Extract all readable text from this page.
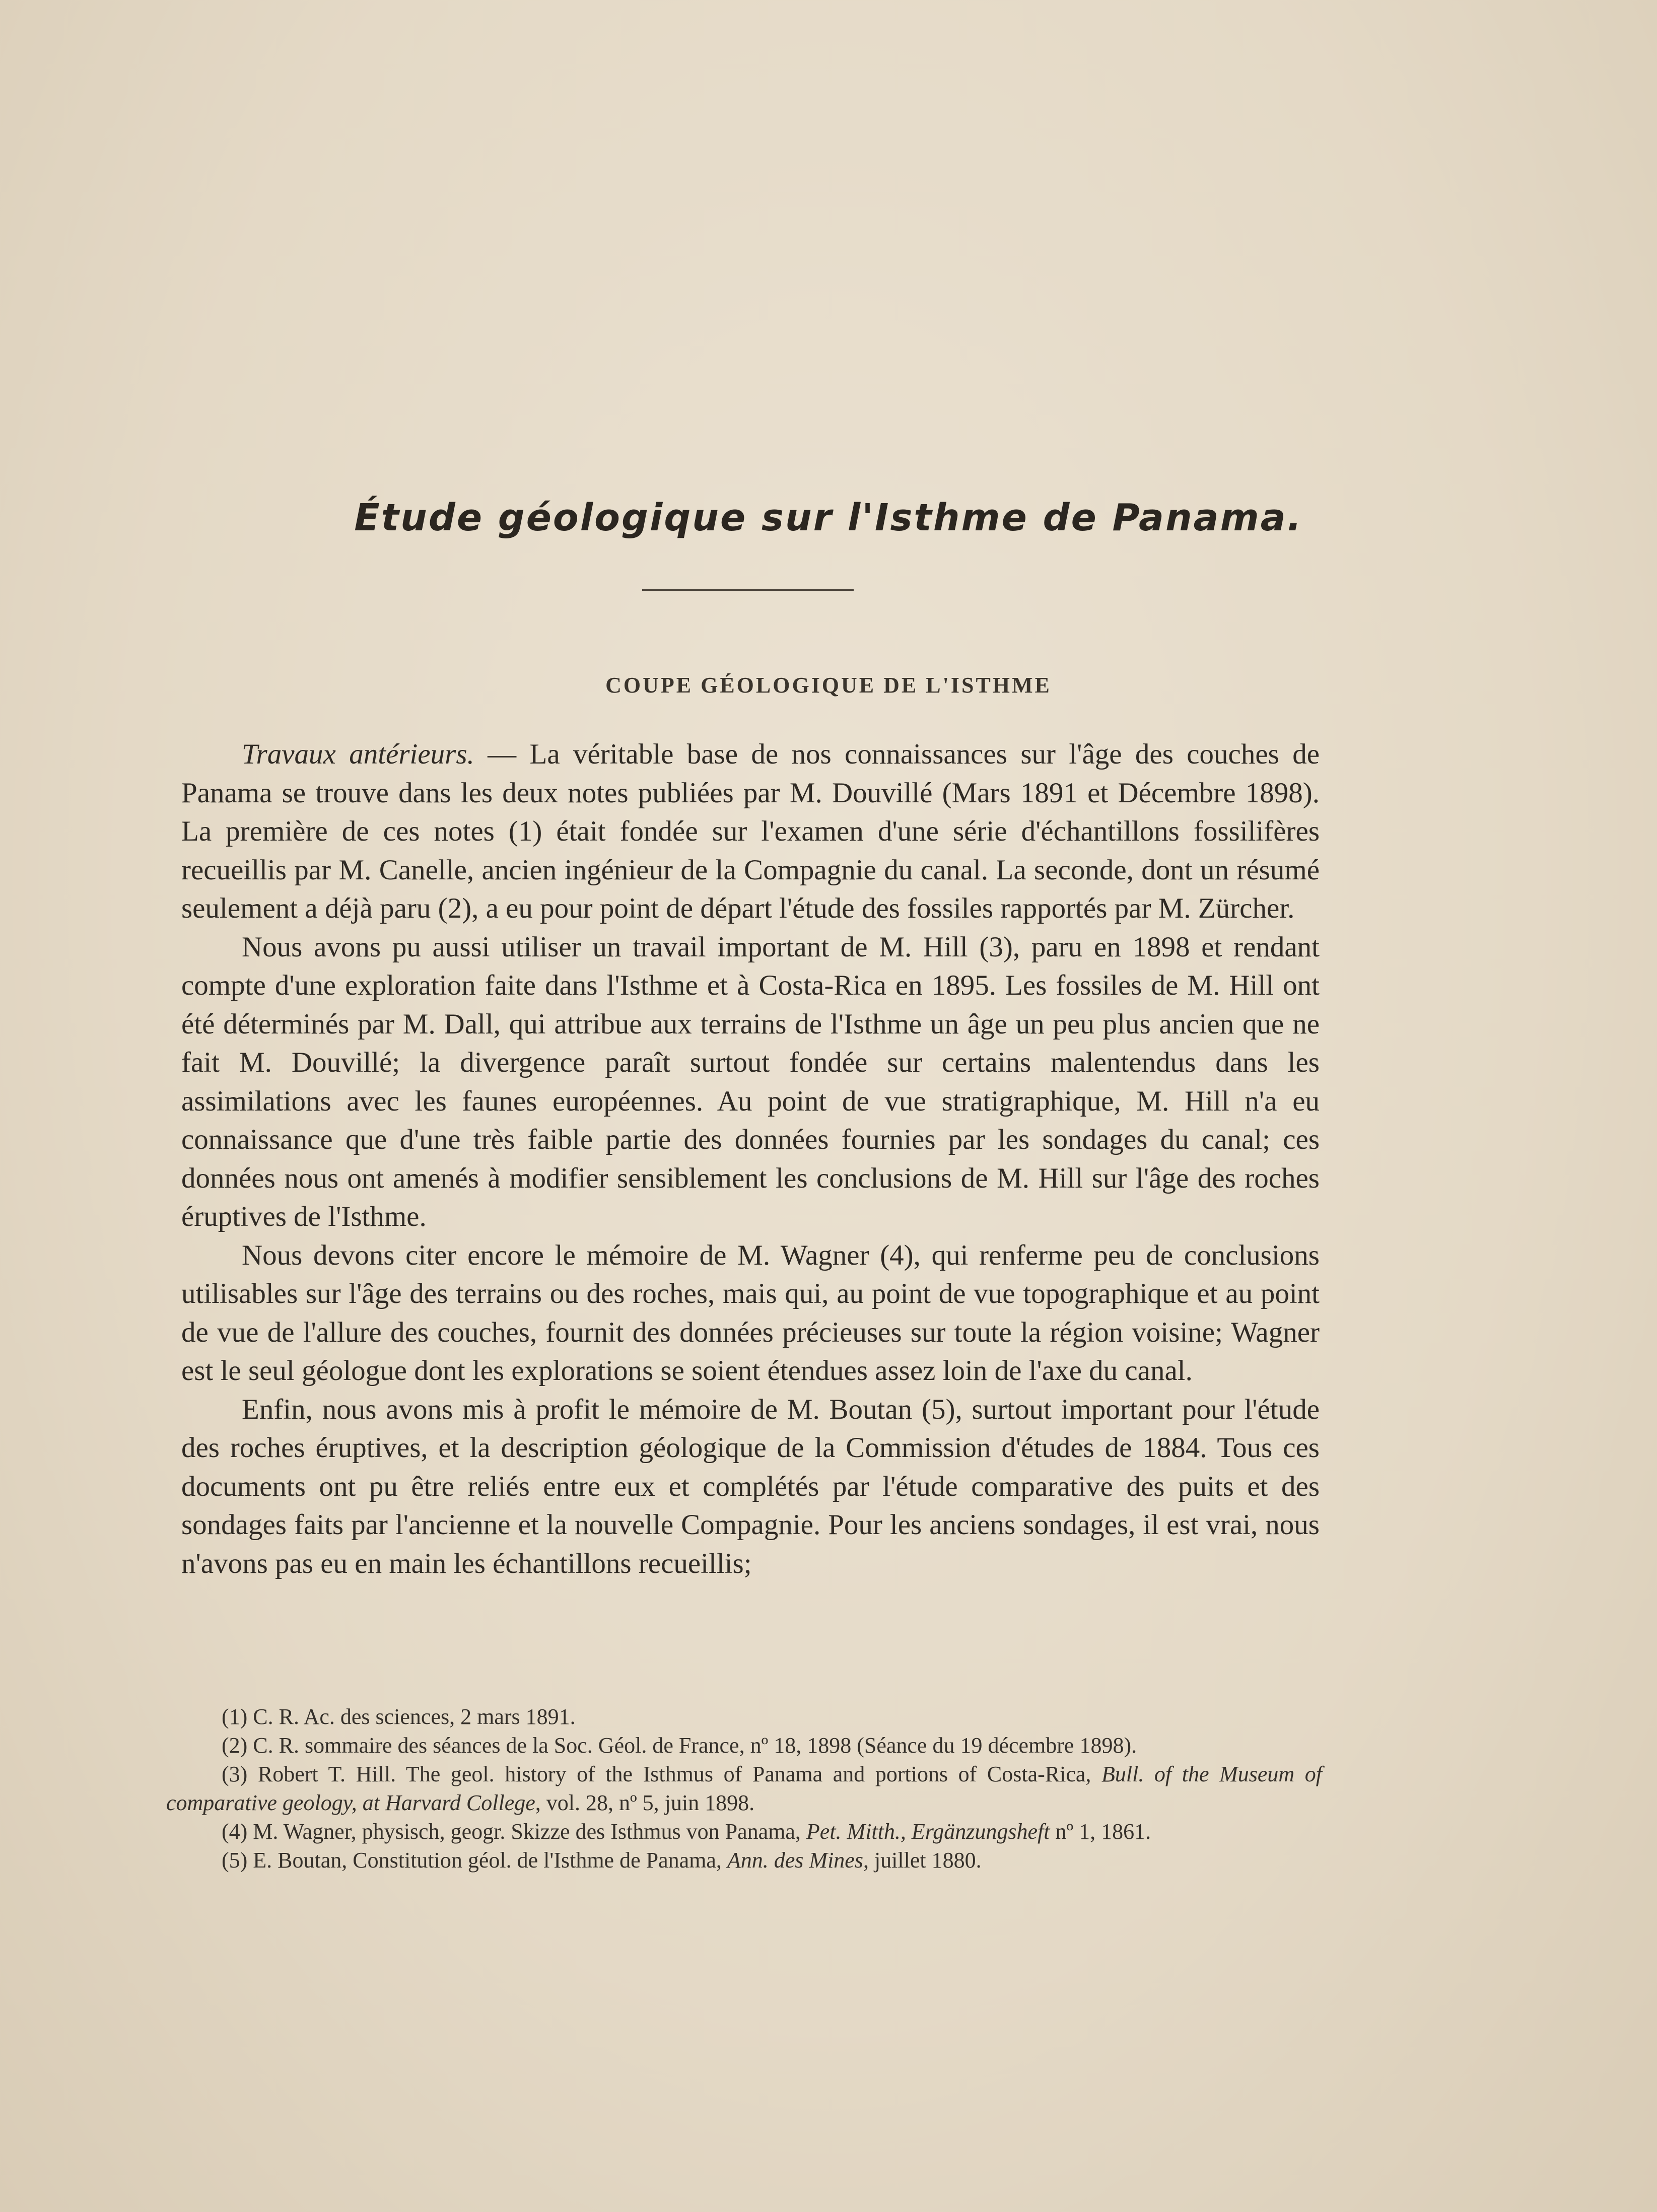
Étude géologique sur l'Isthme de Panama.
COUPE GÉOLOGIQUE DE L'ISTHME

Travaux antérieurs. — La véritable base de nos connaissances sur l'âge des couches de Panama se trouve dans les deux notes publiées par M. Douvillé (Mars 1891 et Décembre 1898). La première de ces notes (1) était fondée sur l'examen d'une série d'échantillons fossilifères recueillis par M. Canelle, ancien ingénieur de la Compagnie du canal. La seconde, dont un résumé seulement a déjà paru (2), a eu pour point de départ l'étude des fossiles rapportés par M. Zürcher.

Nous avons pu aussi utiliser un travail important de M. Hill (3), paru en 1898 et rendant compte d'une exploration faite dans l'Isthme et à Costa-Rica en 1895. Les fossiles de M. Hill ont été déterminés par M. Dall, qui attribue aux terrains de l'Isthme un âge un peu plus ancien que ne fait M. Douvillé; la divergence paraît surtout fondée sur certains malentendus dans les assimilations avec les faunes européennes. Au point de vue stratigraphique, M. Hill n'a eu connaissance que d'une très faible partie des données fournies par les sondages du canal; ces données nous ont amenés à modifier sensiblement les conclusions de M. Hill sur l'âge des roches éruptives de l'Isthme.

Nous devons citer encore le mémoire de M. Wagner (4), qui renferme peu de conclusions utilisables sur l'âge des terrains ou des roches, mais qui, au point de vue topographique et au point de vue de l'allure des couches, fournit des données précieuses sur toute la région voisine; Wagner est le seul géologue dont les explorations se soient étendues assez loin de l'axe du canal.

Enfin, nous avons mis à profit le mémoire de M. Boutan (5), surtout important pour l'étude des roches éruptives, et la description géologique de la Commission d'études de 1884. Tous ces documents ont pu être reliés entre eux et complétés par l'étude comparative des puits et des sondages faits par l'ancienne et la nouvelle Compagnie. Pour les anciens sondages, il est vrai, nous n'avons pas eu en main les échantillons recueillis;

(1) C. R. Ac. des sciences, 2 mars 1891.

(2) C. R. sommaire des séances de la Soc. Géol. de France, nº 18, 1898 (Séance du 19 décembre 1898).

(3) Robert T. Hill. The geol. history of the Isthmus of Panama and portions of Costa-Rica, Bull. of the Museum of comparative geology, at Harvard College, vol. 28, nº 5, juin 1898.

(4) M. Wagner, physisch, geogr. Skizze des Isthmus von Panama, Pet. Mitth., Ergänzungsheft nº 1, 1861.

(5) E. Boutan, Constitution géol. de l'Isthme de Panama, Ann. des Mines, juillet 1880.
